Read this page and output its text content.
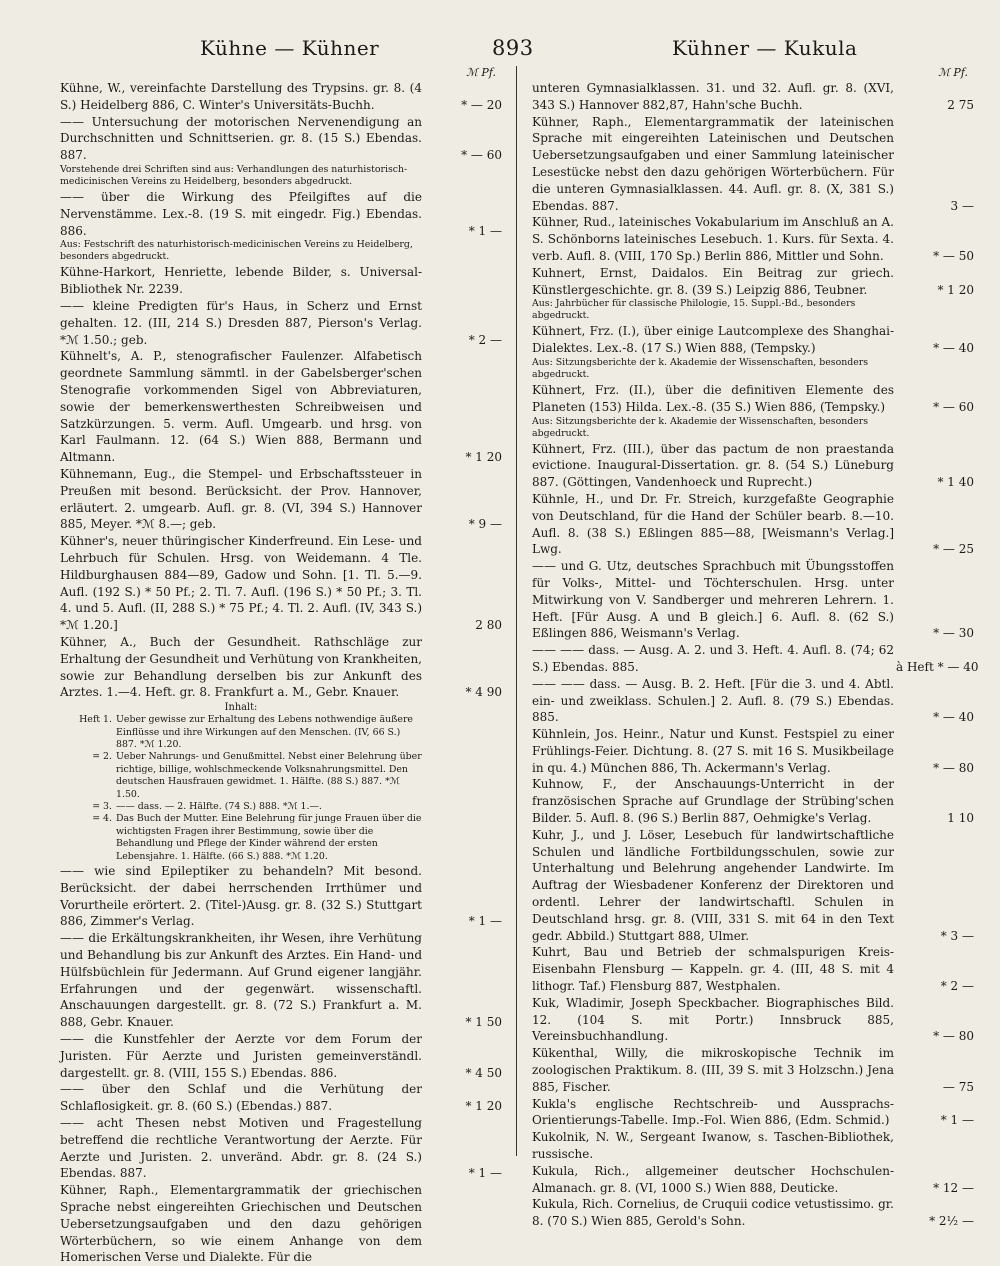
Kühne — Kühner	893	Kühner — Kukula
ℳ Pf.
Kühne, W., vereinfachte Darstellung des Trypsins. gr. 8. (4 S.) Heidelberg 886, C. Winter's Universitäts-Buchh.	* — 20
—— Untersuchung der motorischen Nervenendigung an Durchschnitten und Schnittserien. gr. 8. (15 S.) Ebendas. 887.	* — 60
Vorstehende drei Schriften sind aus: Verhandlungen des naturhistorisch-medicinischen Vereins zu Heidelberg, besonders abgedruckt.
—— über die Wirkung des Pfeilgiftes auf die Nervenstämme. Lex.-8. (19 S. mit eingedr. Fig.) Ebendas. 886.	* 1 —
Aus: Festschrift des naturhistorisch-medicinischen Vereins zu Heidelberg, besonders abgedruckt.
Kühne-Harkort, Henriette, lebende Bilder, s. Universal-Bibliothek Nr. 2239.
—— kleine Predigten für's Haus, in Scherz und Ernst gehalten. 12. (III, 214 S.) Dresden 887, Pierson's Verlag. *ℳ 1.50.; geb.	* 2 —
Kühnelt's, A. P., stenografischer Faulenzer. Alfabetisch geordnete Sammlung sämmtl. in der Gabelsberger'schen Stenografie vorkommenden Sigel von Abbreviaturen, sowie der bemerkenswerthesten Schreibweisen und Satzkürzungen. 5. verm. Aufl. Umgearb. und hrsg. von Karl Faulmann. 12. (64 S.) Wien 888, Bermann und Altmann.	* 1 20
Kühnemann, Eug., die Stempel- und Erbschaftssteuer in Preußen mit besond. Berücksicht. der Prov. Hannover, erläutert. 2. umgearb. Aufl. gr. 8. (VI, 394 S.) Hannover 885, Meyer. *ℳ 8.—; geb.	* 9 —
Kühner's, neuer thüringischer Kinderfreund. Ein Lese- und Lehrbuch für Schulen. Hrsg. von Weidemann. 4 Tle. Hildburghausen 884—89, Gadow und Sohn. [1. Tl. 5.—9. Aufl. (192 S.) * 50 Pf.; 2. Tl. 7. Aufl. (196 S.) * 50 Pf.; 3. Tl. 4. und 5. Aufl. (II, 288 S.) * 75 Pf.; 4. Tl. 2. Aufl. (IV, 343 S.) *ℳ 1.20.]	2 80
Kühner, A., Buch der Gesundheit. Rathschläge zur Erhaltung der Gesundheit und Verhütung von Krankheiten, sowie zur Behandlung derselben bis zur Ankunft des Arztes. 1.—4. Heft. gr. 8. Frankfurt a. M., Gebr. Knauer.	* 4 90
Inhalt:
Heft 1. Ueber gewisse zur Erhaltung des Lebens nothwendige äußere Einflüsse und ihre Wirkungen auf den Menschen. (IV, 66 S.) 887. *ℳ 1.20.
= 2. Ueber Nahrungs- und Genußmittel. Nebst einer Belehrung über richtige, billige, wohlschmeckende Volksnahrungsmittel. Den deutschen Hausfrauen gewidmet. 1. Hälfte. (88 S.) 887. *ℳ 1.50.
= 3. —— dass. — 2. Hälfte. (74 S.) 888. *ℳ 1.—.
= 4. Das Buch der Mutter. Eine Belehrung für junge Frauen über die wichtigsten Fragen ihrer Bestimmung, sowie über die Behandlung und Pflege der Kinder während der ersten Lebensjahre. 1. Hälfte. (66 S.) 888. *ℳ 1.20.
—— wie sind Epileptiker zu behandeln? Mit besond. Berücksicht. der dabei herrschenden Irrthümer und Vorurtheile erörtert. 2. (Titel-)Ausg. gr. 8. (32 S.) Stuttgart 886, Zimmer's Verlag.	* 1 —
—— die Erkältungskrankheiten, ihr Wesen, ihre Verhütung und Behandlung bis zur Ankunft des Arztes. Ein Hand- und Hülfsbüchlein für Jedermann. Auf Grund eigener langjähr. Erfahrungen und der gegenwärt. wissenschaftl. Anschauungen dargestellt. gr. 8. (72 S.) Frankfurt a. M. 888, Gebr. Knauer.	* 1 50
—— die Kunstfehler der Aerzte vor dem Forum der Juristen. Für Aerzte und Juristen gemeinverständl. dargestellt. gr. 8. (VIII, 155 S.) Ebendas. 886.	* 4 50
—— über den Schlaf und die Verhütung der Schlaflosigkeit. gr. 8. (60 S.) (Ebendas.) 887.	* 1 20
—— acht Thesen nebst Motiven und Fragestellung betreffend die rechtliche Verantwortung der Aerzte. Für Aerzte und Juristen. 2. unveränd. Abdr. gr. 8. (24 S.) Ebendas. 887.	* 1 —
Kühner, Raph., Elementargrammatik der griechischen Sprache nebst eingereihten Griechischen und Deutschen Uebersetzungsaufgaben und den dazu gehörigen Wörterbüchern, so wie einem Anhange von dem Homerischen Verse und Dialekte. Für die
ℳ Pf.
unteren Gymnasialklassen. 31. und 32. Aufl. gr. 8. (XVI, 343 S.) Hannover 882,87, Hahn'sche Buchh.	2 75
Kühner, Raph., Elementargrammatik der lateinischen Sprache mit eingereihten Lateinischen und Deutschen Uebersetzungsaufgaben und einer Sammlung lateinischer Lesestücke nebst den dazu gehörigen Wörterbüchern. Für die unteren Gymnasialklassen. 44. Aufl. gr. 8. (X, 381 S.) Ebendas. 887.	3 —
Kühner, Rud., lateinisches Vokabularium im Anschluß an A. S. Schönborns lateinisches Lesebuch. 1. Kurs. für Sexta. 4. verb. Aufl. 8. (VIII, 170 Sp.) Berlin 886, Mittler und Sohn.	* — 50
Kuhnert, Ernst, Daidalos. Ein Beitrag zur griech. Künstlergeschichte. gr. 8. (39 S.) Leipzig 886, Teubner.	* 1 20
Aus: Jahrbücher für classische Philologie, 15. Suppl.-Bd., besonders abgedruckt.
Kühnert, Frz. (I.), über einige Lautcomplexe des Shanghai-Dialektes. Lex.-8. (17 S.) Wien 888, (Tempsky.)	* — 40
Aus: Sitzungsberichte der k. Akademie der Wissenschaften, besonders abgedruckt.
Kühnert, Frz. (II.), über die definitiven Elemente des Planeten (153) Hilda. Lex.-8. (35 S.) Wien 886, (Tempsky.)	* — 60
Aus: Sitzungsberichte der k. Akademie der Wissenschaften, besonders abgedruckt.
Kühnert, Frz. (III.), über das pactum de non praestanda evictione. Inaugural-Dissertation. gr. 8. (54 S.) Lüneburg 887. (Göttingen, Vandenhoeck und Ruprecht.)	* 1 40
Kühnle, H., und Dr. Fr. Streich, kurzgefaßte Geographie von Deutschland, für die Hand der Schüler bearb. 8.—10. Aufl. 8. (38 S.) Eßlingen 885—88, [Weismann's Verlag.] Lwg.	* — 25
—— und G. Utz, deutsches Sprachbuch mit Übungsstoffen für Volks-, Mittel- und Töchterschulen. Hrsg. unter Mitwirkung von V. Sandberger und mehreren Lehrern. 1. Heft. [Für Ausg. A und B gleich.] 6. Aufl. 8. (62 S.) Eßlingen 886, Weismann's Verlag.	* — 30
—— —— dass. — Ausg. A. 2. und 3. Heft. 4. Aufl. 8. (74; 62 S.) Ebendas. 885.	à Heft * — 40
—— —— dass. — Ausg. B. 2. Heft. [Für die 3. und 4. Abtl. ein- und zweiklass. Schulen.] 2. Aufl. 8. (79 S.) Ebendas. 885.	* — 40
Kühnlein, Jos. Heinr., Natur und Kunst. Festspiel zu einer Frühlings-Feier. Dichtung. 8. (27 S. mit 16 S. Musikbeilage in qu. 4.) München 886, Th. Ackermann's Verlag.	* — 80
Kuhnow, F., der Anschauungs-Unterricht in der französischen Sprache auf Grundlage der Strübing'schen Bilder. 5. Aufl. 8. (96 S.) Berlin 887, Oehmigke's Verlag.	1 10
Kuhr, J., und J. Löser, Lesebuch für landwirtschaftliche Schulen und ländliche Fortbildungsschulen, sowie zur Unterhaltung und Belehrung angehender Landwirte. Im Auftrag der Wiesbadener Konferenz der Direktoren und ordentl. Lehrer der landwirtschaftl. Schulen in Deutschland hrsg. gr. 8. (VIII, 331 S. mit 64 in den Text gedr. Abbild.) Stuttgart 888, Ulmer.	* 3 —
Kuhrt, Bau und Betrieb der schmalspurigen Kreis-Eisenbahn Flensburg — Kappeln. gr. 4. (III, 48 S. mit 4 lithogr. Taf.) Flensburg 887, Westphalen.	* 2 —
Kuk, Wladimir, Joseph Speckbacher. Biographisches Bild. 12. (104 S. mit Portr.) Innsbruck 885, Vereinsbuchhandlung.	* — 80
Kükenthal, Willy, die mikroskopische Technik im zoologischen Praktikum. 8. (III, 39 S. mit 3 Holzschn.) Jena 885, Fischer.	— 75
Kukla's englische Rechtschreib- und Aussprachs-Orientierungs-Tabelle. Imp.-Fol. Wien 886, (Edm. Schmid.)	* 1 —
Kukolnik, N. W., Sergeant Iwanow, s. Taschen-Bibliothek, russische.
Kukula, Rich., allgemeiner deutscher Hochschulen-Almanach. gr. 8. (VI, 1000 S.) Wien 888, Deuticke.	* 12 —
Kukula, Rich. Cornelius, de Cruquii codice vetustissimo. gr. 8. (70 S.) Wien 885, Gerold's Sohn.	* 2½ —
